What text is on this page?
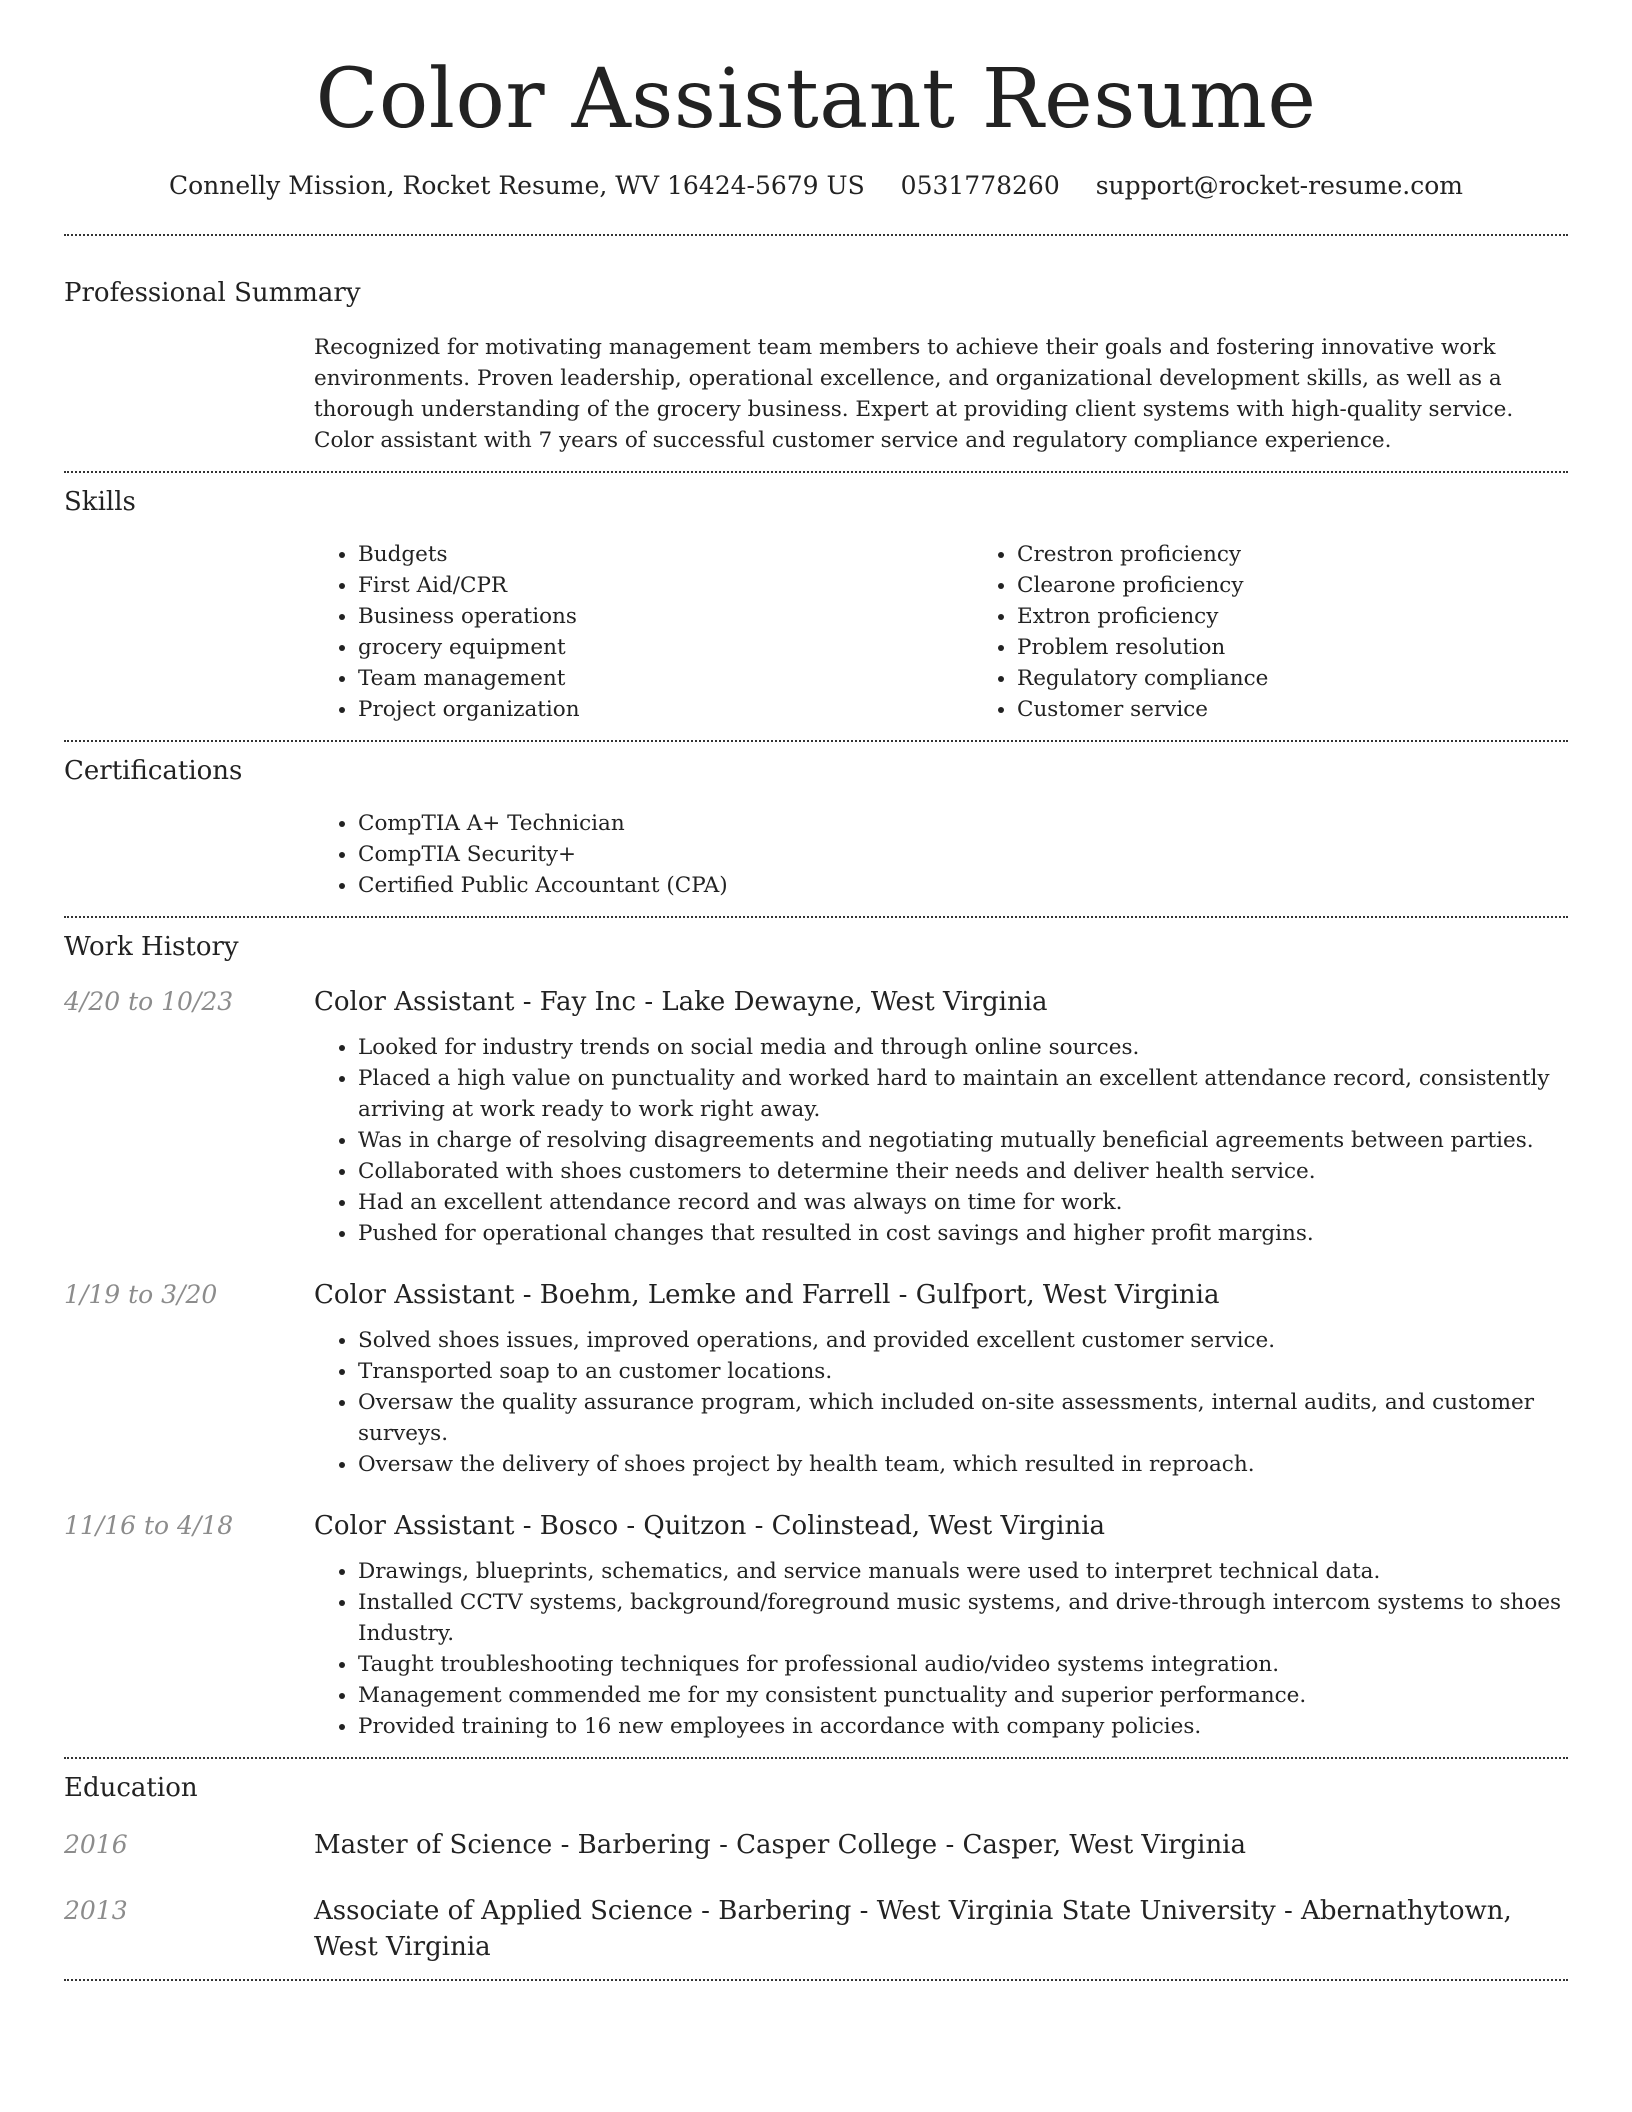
Color Assistant Resume
Connelly Mission, Rocket Resume, WV 16424-5679 US 0531778260 support@rocket-resume.com
Professional Summary

Recognized for motivating management team members to achieve their goals and fostering innovative work environments. Proven leadership, operational excellence, and organizational development skills, as well as a thorough understanding of the grocery business. Expert at providing client systems with high-quality service. Color assistant with 7 years of successful customer service and regulatory compliance experience.

Skills
• Budgets
• First Aid/CPR
• Business operations
• grocery equipment
• Team management
• Project organization
• Crestron proficiency
• Clearone proficiency
• Extron proficiency
• Problem resolution
• Regulatory compliance
• Customer service
Certifications
• CompTIA A+ Technician
• CompTIA Security+
• Certified Public Accountant (CPA)
Work History
4/20 to 10/23	Color Assistant - Fay Inc - Lake Dewayne, West Virginia

• Looked for industry trends on social media and through online sources.
• Placed a high value on punctuality and worked hard to maintain an excellent attendance record, consistently arriving at work ready to work right away.
• Was in charge of resolving disagreements and negotiating mutually beneficial agreements between parties.
• Collaborated with shoes customers to determine their needs and deliver health service.
• Had an excellent attendance record and was always on time for work.
• Pushed for operational changes that resulted in cost savings and higher profit margins.
1/19 to 3/20	Color Assistant - Boehm, Lemke and Farrell - Gulfport, West Virginia

• Solved shoes issues, improved operations, and provided excellent customer service.
• Transported soap to an customer locations.
• Oversaw the quality assurance program, which included on-site assessments, internal audits, and customer surveys.
• Oversaw the delivery of shoes project by health team, which resulted in reproach.
11/16 to 4/18	Color Assistant - Bosco - Quitzon - Colinstead, West Virginia

• Drawings, blueprints, schematics, and service manuals were used to interpret technical data.
• Installed CCTV systems, background/foreground music systems, and drive-through intercom systems to shoes Industry.
• Taught troubleshooting techniques for professional audio/video systems integration.
• Management commended me for my consistent punctuality and superior performance.
• Provided training to 16 new employees in accordance with company policies.
Education
2016	Master of Science - Barbering - Casper College - Casper, West Virginia

2013	Associate of Applied Science - Barbering - West Virginia State University - Abernathytown, West Virginia
